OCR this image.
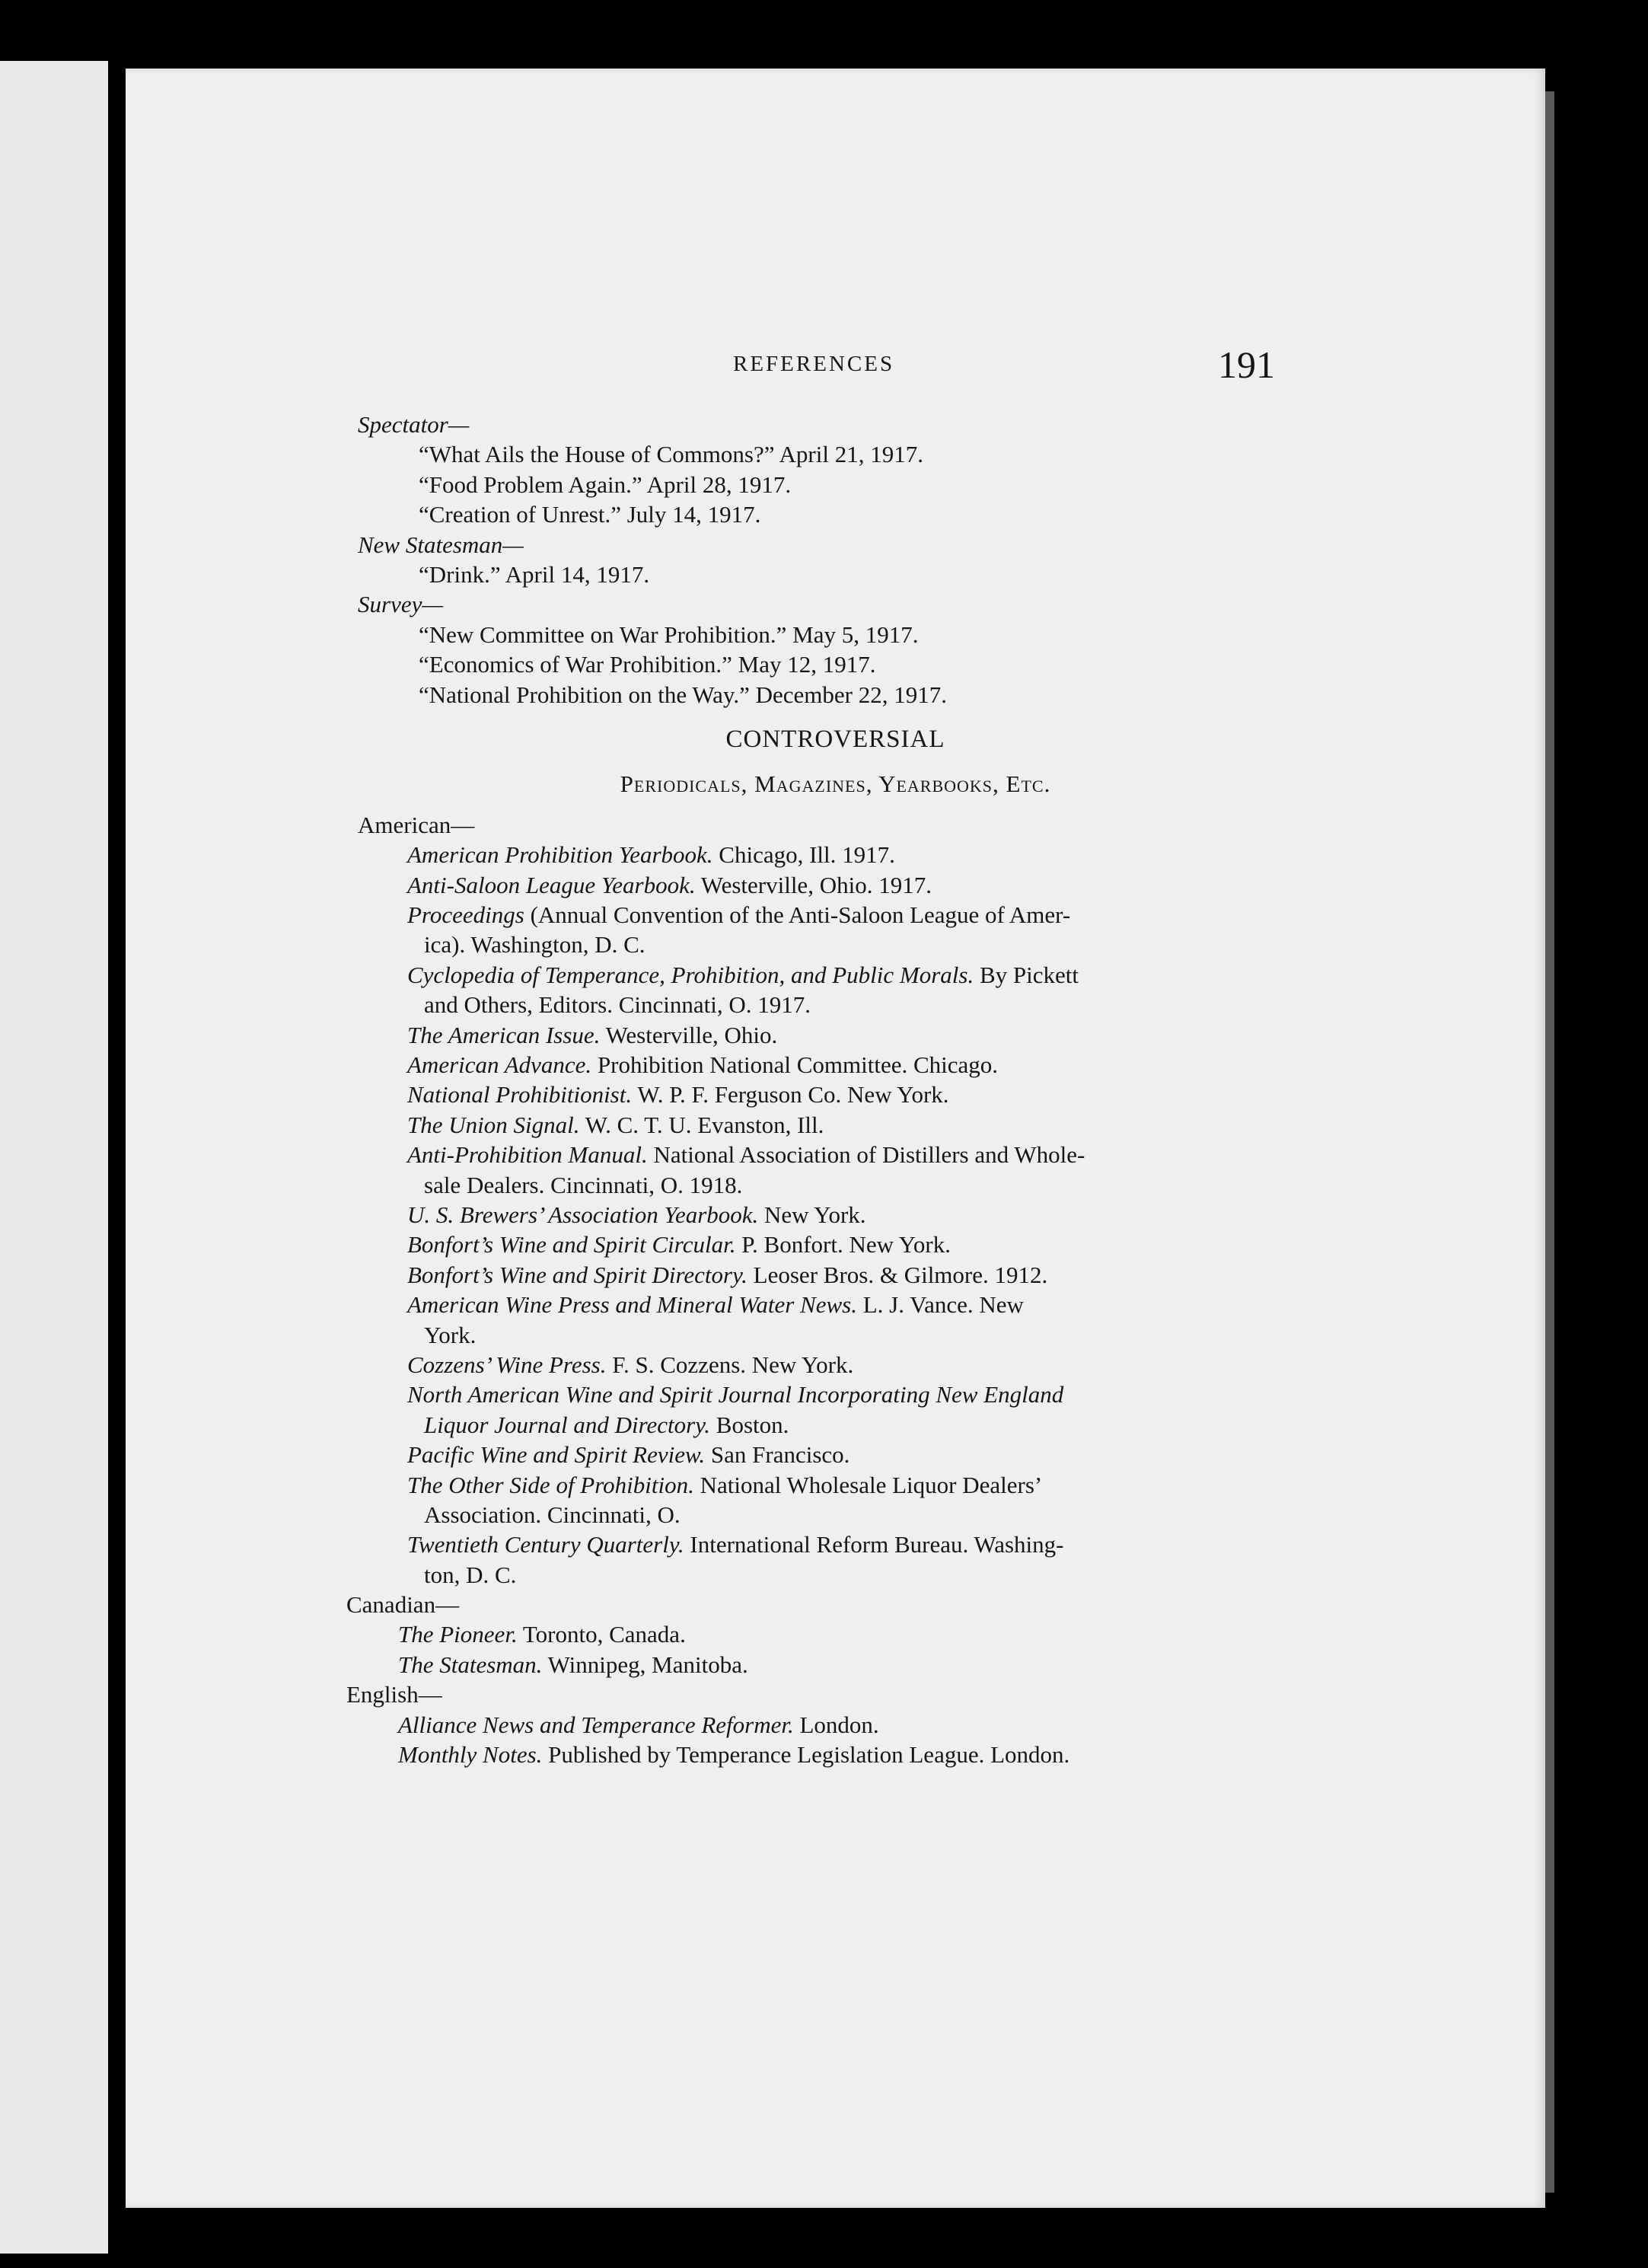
REFERENCES	191
Spectator—
“What Ails the House of Commons?” April 21, 1917.
“Food Problem Again.” April 28, 1917.
“Creation of Unrest.” July 14, 1917.
New Statesman—
“Drink.” April 14, 1917.
Survey—
“New Committee on War Prohibition.” May 5, 1917.
“Economics of War Prohibition.” May 12, 1917.
“National Prohibition on the Way.” December 22, 1917.
CONTROVERSIAL
Periodicals, Magazines, Yearbooks, Etc.
American—
American Prohibition Yearbook. Chicago, Ill. 1917.
Anti-Saloon League Yearbook. Westerville, Ohio. 1917.
Proceedings (Annual Convention of the Anti-Saloon League of Amer-
ica). Washington, D. C.
Cyclopedia of Temperance, Prohibition, and Public Morals. By Pickett
and Others, Editors. Cincinnati, O. 1917.
The American Issue. Westerville, Ohio.
American Advance. Prohibition National Committee. Chicago.
National Prohibitionist. W. P. F. Ferguson Co. New York.
The Union Signal. W. C. T. U. Evanston, Ill.
Anti-Prohibition Manual. National Association of Distillers and Whole-
sale Dealers. Cincinnati, O. 1918.
U. S. Brewers’ Association Yearbook. New York.
Bonfort’s Wine and Spirit Circular. P. Bonfort. New York.
Bonfort’s Wine and Spirit Directory. Leoser Bros. & Gilmore. 1912.
American Wine Press and Mineral Water News. L. J. Vance. New
York.
Cozzens’ Wine Press. F. S. Cozzens. New York.
North American Wine and Spirit Journal Incorporating New England
Liquor Journal and Directory. Boston.
Pacific Wine and Spirit Review. San Francisco.
The Other Side of Prohibition. National Wholesale Liquor Dealers’
Association. Cincinnati, O.
Twentieth Century Quarterly. International Reform Bureau. Washing-
ton, D. C.
Canadian—
The Pioneer. Toronto, Canada.
The Statesman. Winnipeg, Manitoba.
English—
Alliance News and Temperance Reformer. London.
Monthly Notes. Published by Temperance Legislation League. London.
